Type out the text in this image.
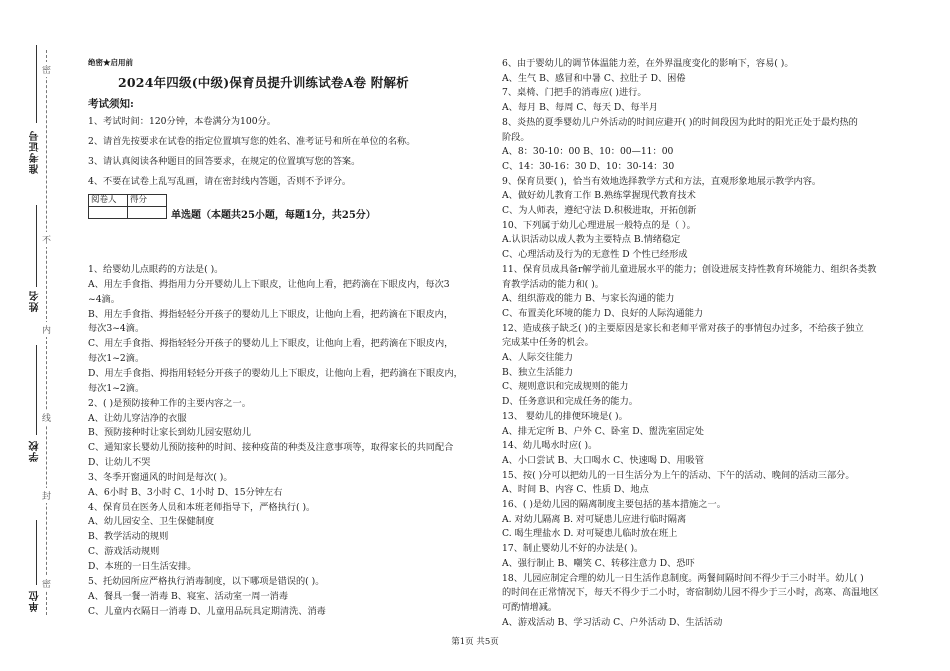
准考证号
姓名
学校
单位
密
不
内
线
封
密
绝密★启用前
2024年四级(中级)保育员提升训练试卷A卷 附解析
考试须知:
1、考试时间：120分钟，本卷满分为100分。
2、请首先按要求在试卷的指定位置填写您的姓名、准考证号和所在单位的名称。
3、请认真阅读各种题目的回答要求，在规定的位置填写您的答案。
4、不要在试卷上乱写乱画，请在密封线内答题，否则不予评分。
阅卷人	得分

单选题（本题共25小题，每题1分，共25分）
1、给婴幼儿点眼药的方法是( )。
A、用左手食指、拇指用力分开婴幼儿上下眼皮，让他向上看，把药滴在下眼皮内，每次3
~4滴。
B、用左手食指、拇指轻轻分开孩子的婴幼儿上下眼皮，让他向上看，把药滴在下眼皮内，
每次3~4滴。
C、用左手食指、拇指轻轻分开孩子的婴幼儿上下眼皮，让他向上看，把药滴在下眼皮内，
每次1~2滴。
D、用左手食指、拇指用轻轻分开孩子的婴幼儿上下眼皮，让他向上看，把药滴在下眼皮内，
每次1~2滴。
2、( )是预防接种工作的主要内容之一。
A、让幼儿穿洁净的衣服
B、预防接种时让家长到幼儿园安慰幼儿
C、通知家长婴幼儿预防接种的时间、接种疫苗的种类及注意事项等，取得家长的共同配合
D、让幼儿不哭
3、冬季开窗通风的时间是每次( )。
A、6小时 B、3小时 C、1小时 D、15分钟左右
4、保育员在医务人员和本班老师指导下，严格执行( )。
A、幼儿园安全、卫生保健制度
B、教学活动的规则
C、游戏活动规则
D、本班的一日生活安排。
5、托幼园所应严格执行消毒制度，以下哪项是错误的( )。
A、餐具一餐一消毒 B、寝室、活动室一周一消毒
C、儿童内衣隔日一消毒 D、儿童用品玩具定期清洗、消毒
6、由于婴幼儿的调节体温能力差，在外界温度变化的影响下，容易( )。
A、生气 B、感冒和中暑 C、拉肚子 D、困倦
7、桌椅、门把手的消毒应( )进行。
A、每月 B、每周 C、每天 D、每半月
8、炎热的夏季婴幼儿户外活动的时间应避开( )的时间段因为此时的阳光正处于最灼热的
阶段。
A、8：30-10：00 B、10：00—11：00
C、14：30-16：30 D、10：30-14：30
9、保育员要( )，恰当有效地选择教学方式和方法，直观形象地展示教学内容。
A、做好幼儿教育工作 B.熟练掌握现代教育技术
C、为人师表，遵纪守法 D.积极进取，开拓创新
10、下列属于幼儿心理进展一般特点的是（ ）。
A.认识活动以成人教为主要特点 B.情绪稳定
C、心理活动及行为的无意性 D 个性已经形成
11、保育员成具备r解学前儿童进展水平的能力；创设进展支持性教育环境能力、组织各类教
育教学活动的能力和( )。
A、组织游戏的能力 B、与家长沟通的能力
C、布置美化环境的能力 D、良好的人际沟通能力
12、造成孩子缺乏( )的主要原因是家长和老师平常对孩子的事情包办过多，不给孩子独立
完成某中任务的机会。
A、人际交往能力
B、独立生活能力
C、规则意识和完成规则的能力
D、任务意识和完成任务的能力。
13、 婴幼儿的排便环境是( )。
A、排无定所 B、户外 C、卧室 D、盥洗室固定处
14、幼儿喝水时应( )。
A、小口尝试 B、大口喝水 C、快速喝 D、用吸管
15、按( )分可以把幼儿的一日生活分为上午的活动、下午的活动、晚间的活动三部分。
A、时间 B、内容 C、性质 D、地点
16、( )是幼儿园的隔离制度主要包括的基本措施之一。
A. 对幼儿隔离 B. 对可疑患儿应进行临时隔离
C. 喝生理盐水 D. 对可疑患儿临时放在班上
17、制止婴幼儿不好的办法是( )。
A、强行制止 B、嘲笑 C、转移注意力 D、恐吓
18、儿园应制定合理的幼儿一日生活作息制度。两餐间隔时间不得少于三小时半。幼儿( )
的时间在正常情况下，每天不得少于二小时，寄宿制幼儿园不得少于三小时，高寒、高温地区
可酌情增减。
A、游戏活动 B、学习活动 C、户外活动 D、生活活动
第1页 共5页
